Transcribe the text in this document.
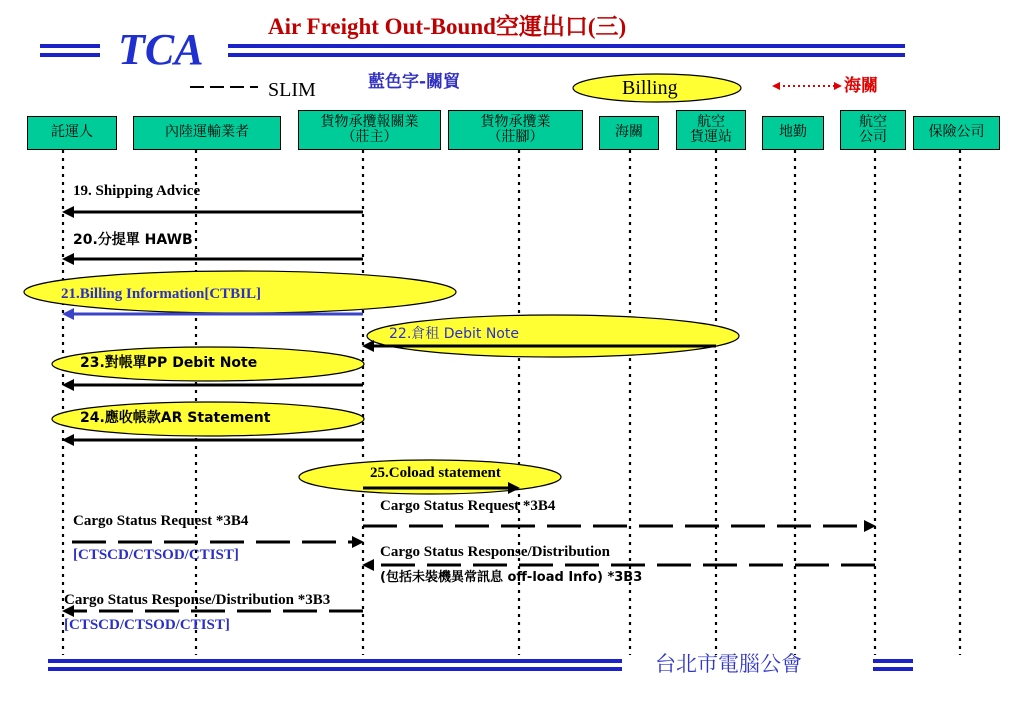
Air Freight Out-Bound空運出口(三)
TCA
SLIM	藍色字-關貿	Billing	海關
託運人	內陸運輸業者
貨物承攬報關業
（莊主）
貨物承攬業
（莊腳）	海關
航空
貨運站	地勤
航空
公司	保險公司
19. Shipping Advice
20.分提單 HAWB
21.Billing Information[CTBIL]
22.倉租 Debit Note
23.對帳單PP Debit Note
24.應收帳款AR Statement
25.Coload statement
Cargo Status Request *3B4
[CTSCD/CTSOD/CTIST]
Cargo Status Request *3B4
Cargo Status Response/Distribution
(包括未裝機異常訊息 off-load Info) *3B3
Cargo Status Response/Distribution *3B3
[CTSCD/CTSOD/CTIST]
台北市電腦公會
